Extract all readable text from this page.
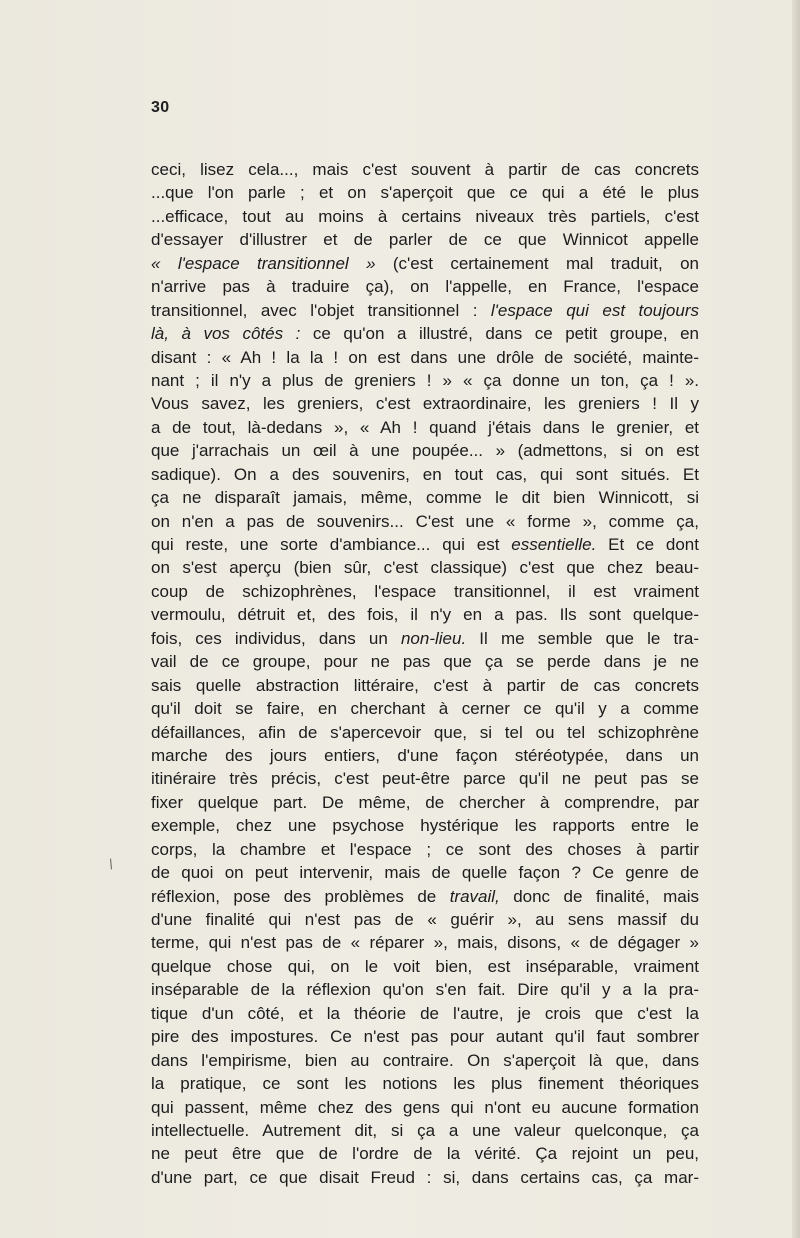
30
/
ceci, lisez cela..., mais c'est souvent à partir de cas concrets
...que l'on parle ; et on s'aperçoit que ce qui a été le plus
...efficace, tout au moins à certains niveaux très partiels, c'est
d'essayer d'illustrer et de parler de ce que Winnicot appelle
« l'espace transitionnel » (c'est certainement mal traduit, on
n'arrive pas à traduire ça), on l'appelle, en France, l'espace
transitionnel, avec l'objet transitionnel : l'espace qui est toujours
là, à vos côtés : ce qu'on a illustré, dans ce petit groupe, en
disant : « Ah ! la la ! on est dans une drôle de société, mainte-
nant ; il n'y a plus de greniers ! » « ça donne un ton, ça ! ».
Vous savez, les greniers, c'est extraordinaire, les greniers ! Il y
a de tout, là-dedans », « Ah ! quand j'étais dans le grenier, et
que j'arrachais un œil à une poupée... » (admettons, si on est
sadique). On a des souvenirs, en tout cas, qui sont situés. Et
ça ne disparaît jamais, même, comme le dit bien Winnicott, si
on n'en a pas de souvenirs... C'est une « forme », comme ça,
qui reste, une sorte d'ambiance... qui est essentielle. Et ce dont
on s'est aperçu (bien sûr, c'est classique) c'est que chez beau-
coup de schizophrènes, l'espace transitionnel, il est vraiment
vermoulu, détruit et, des fois, il n'y en a pas. Ils sont quelque-
fois, ces individus, dans un non-lieu. Il me semble que le tra-
vail de ce groupe, pour ne pas que ça se perde dans je ne
sais quelle abstraction littéraire, c'est à partir de cas concrets
qu'il doit se faire, en cherchant à cerner ce qu'il y a comme
défaillances, afin de s'apercevoir que, si tel ou tel schizophrène
marche des jours entiers, d'une façon stéréotypée, dans un
itinéraire très précis, c'est peut-être parce qu'il ne peut pas se
fixer quelque part. De même, de chercher à comprendre, par
exemple, chez une psychose hystérique les rapports entre le
corps, la chambre et l'espace ; ce sont des choses à partir
de quoi on peut intervenir, mais de quelle façon ? Ce genre de
réflexion, pose des problèmes de travail, donc de finalité, mais
d'une finalité qui n'est pas de « guérir », au sens massif du
terme, qui n'est pas de « réparer », mais, disons, « de dégager »
quelque chose qui, on le voit bien, est inséparable, vraiment
inséparable de la réflexion qu'on s'en fait. Dire qu'il y a la pra-
tique d'un côté, et la théorie de l'autre, je crois que c'est la
pire des impostures. Ce n'est pas pour autant qu'il faut sombrer
dans l'empirisme, bien au contraire. On s'aperçoit là que, dans
la pratique, ce sont les notions les plus finement théoriques
qui passent, même chez des gens qui n'ont eu aucune formation
intellectuelle. Autrement dit, si ça a une valeur quelconque, ça
ne peut être que de l'ordre de la vérité. Ça rejoint un peu,
d'une part, ce que disait Freud : si, dans certains cas, ça mar-
